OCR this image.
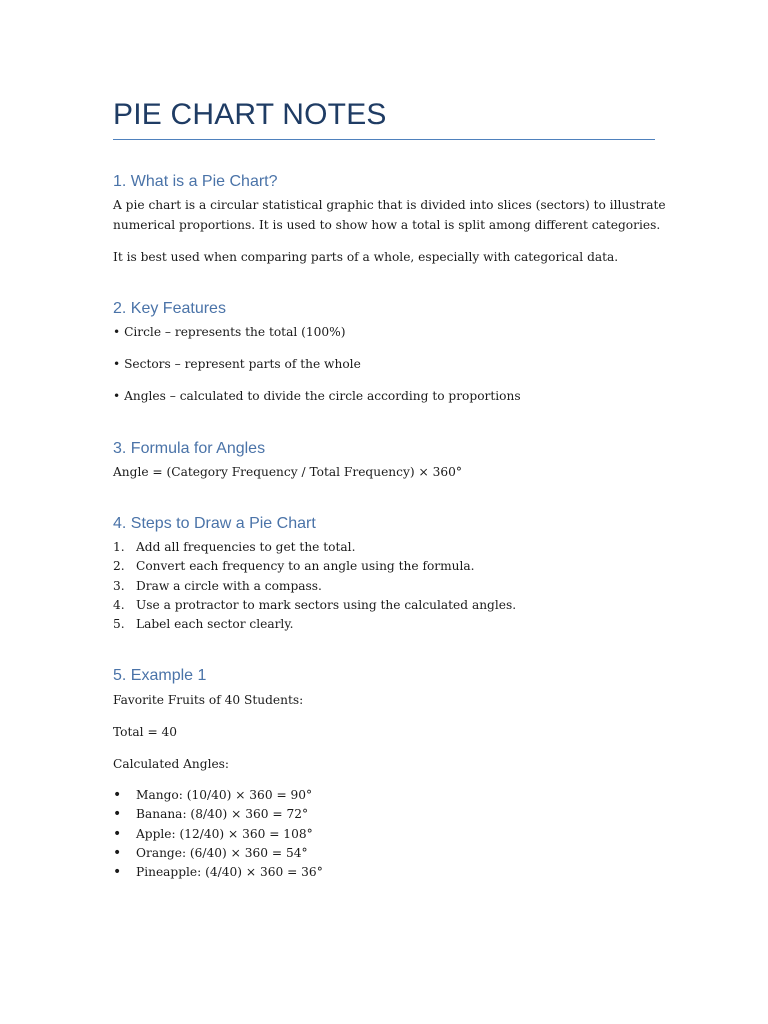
PIE CHART NOTES
1. What is a Pie Chart?

A pie chart is a circular statistical graphic that is divided into slices (sectors) to illustrate

numerical proportions. It is used to show how a total is split among different categories.

It is best used when comparing parts of a whole, especially with categorical data.

2. Key Features

• Circle – represents the total (100%)

• Sectors – represent parts of the whole

• Angles – calculated to divide the circle according to proportions

3. Formula for Angles

Angle = (Category Frequency / Total Frequency) × 360°

4. Steps to Draw a Pie Chart
1. Add all frequencies to get the total.
2. Convert each frequency to an angle using the formula.
3. Draw a circle with a compass.
4. Use a protractor to mark sectors using the calculated angles.
5. Label each sector clearly.
5. Example 1

Favorite Fruits of 40 Students:

Total = 40

Calculated Angles:

• Mango: (10/40) × 360 = 90°
• Banana: (8/40) × 360 = 72°
• Apple: (12/40) × 360 = 108°
• Orange: (6/40) × 360 = 54°
• Pineapple: (4/40) × 360 = 36°
